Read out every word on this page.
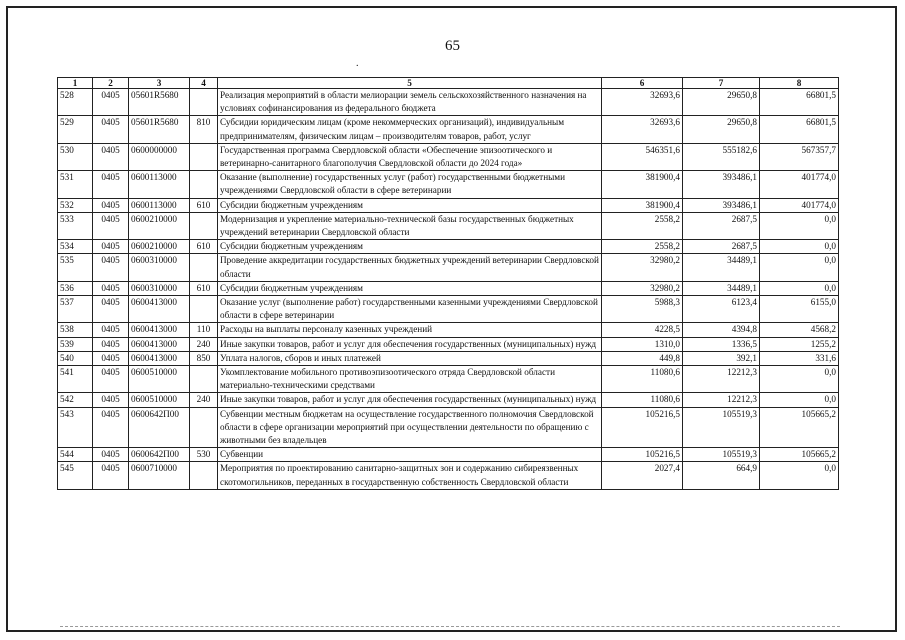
65
.
1	2	3	4	5	6	7	8
528	0405	05601R5680		Реализация мероприятий в области мелиорации земель сельскохозяйственного назначения на условиях софинансирования из федерального бюджета	32693,6	29650,8	66801,5
529	0405	05601R5680	810	Субсидии юридическим лицам (кроме некоммерческих организаций), индивидуальным предпринимателям, физическим лицам – производителям товаров, работ, услуг	32693,6	29650,8	66801,5
530	0405	0600000000		Государственная программа Свердловской области «Обеспечение эпизоотического и ветеринарно-санитарного благополучия Свердловской области до 2024 года»	546351,6	555182,6	567357,7
531	0405	0600113000		Оказание (выполнение) государственных услуг (работ) государственными бюджетными учреждениями Свердловской области в сфере ветеринарии	381900,4	393486,1	401774,0
532	0405	0600113000	610	Субсидии бюджетным учреждениям	381900,4	393486,1	401774,0
533	0405	0600210000		Модернизация и укрепление материально-технической базы государственных бюджетных учреждений ветеринарии Свердловской области	2558,2	2687,5	0,0
534	0405	0600210000	610	Субсидии бюджетным учреждениям	2558,2	2687,5	0,0
535	0405	0600310000		Проведение аккредитации государственных бюджетных учреждений ветеринарии Свердловской области	32980,2	34489,1	0,0
536	0405	0600310000	610	Субсидии бюджетным учреждениям	32980,2	34489,1	0,0
537	0405	0600413000		Оказание услуг (выполнение работ) государственными казенными учреждениями Свердловской области в сфере ветеринарии	5988,3	6123,4	6155,0
538	0405	0600413000	110	Расходы на выплаты персоналу казенных учреждений	4228,5	4394,8	4568,2
539	0405	0600413000	240	Иные закупки товаров, работ и услуг для обеспечения государственных (муниципальных) нужд	1310,0	1336,5	1255,2
540	0405	0600413000	850	Уплата налогов, сборов и иных платежей	449,8	392,1	331,6
541	0405	0600510000		Укомплектование мобильного противоэпизоотического отряда Свердловской области материально-техническими средствами	11080,6	12212,3	0,0
542	0405	0600510000	240	Иные закупки товаров, работ и услуг для обеспечения государственных (муниципальных) нужд	11080,6	12212,3	0,0
543	0405	0600642П00		Субвенции местным бюджетам на осуществление государственного полномочия Свердловской области в сфере организации мероприятий при осуществлении деятельности по обращению с животными без владельцев	105216,5	105519,3	105665,2
544	0405	0600642П00	530	Субвенции	105216,5	105519,3	105665,2
545	0405	0600710000		Мероприятия по проектированию санитарно-защитных зон и содержанию сибиреязвенных скотомогильников, переданных в государственную собственность Свердловской области	2027,4	664,9	0,0
